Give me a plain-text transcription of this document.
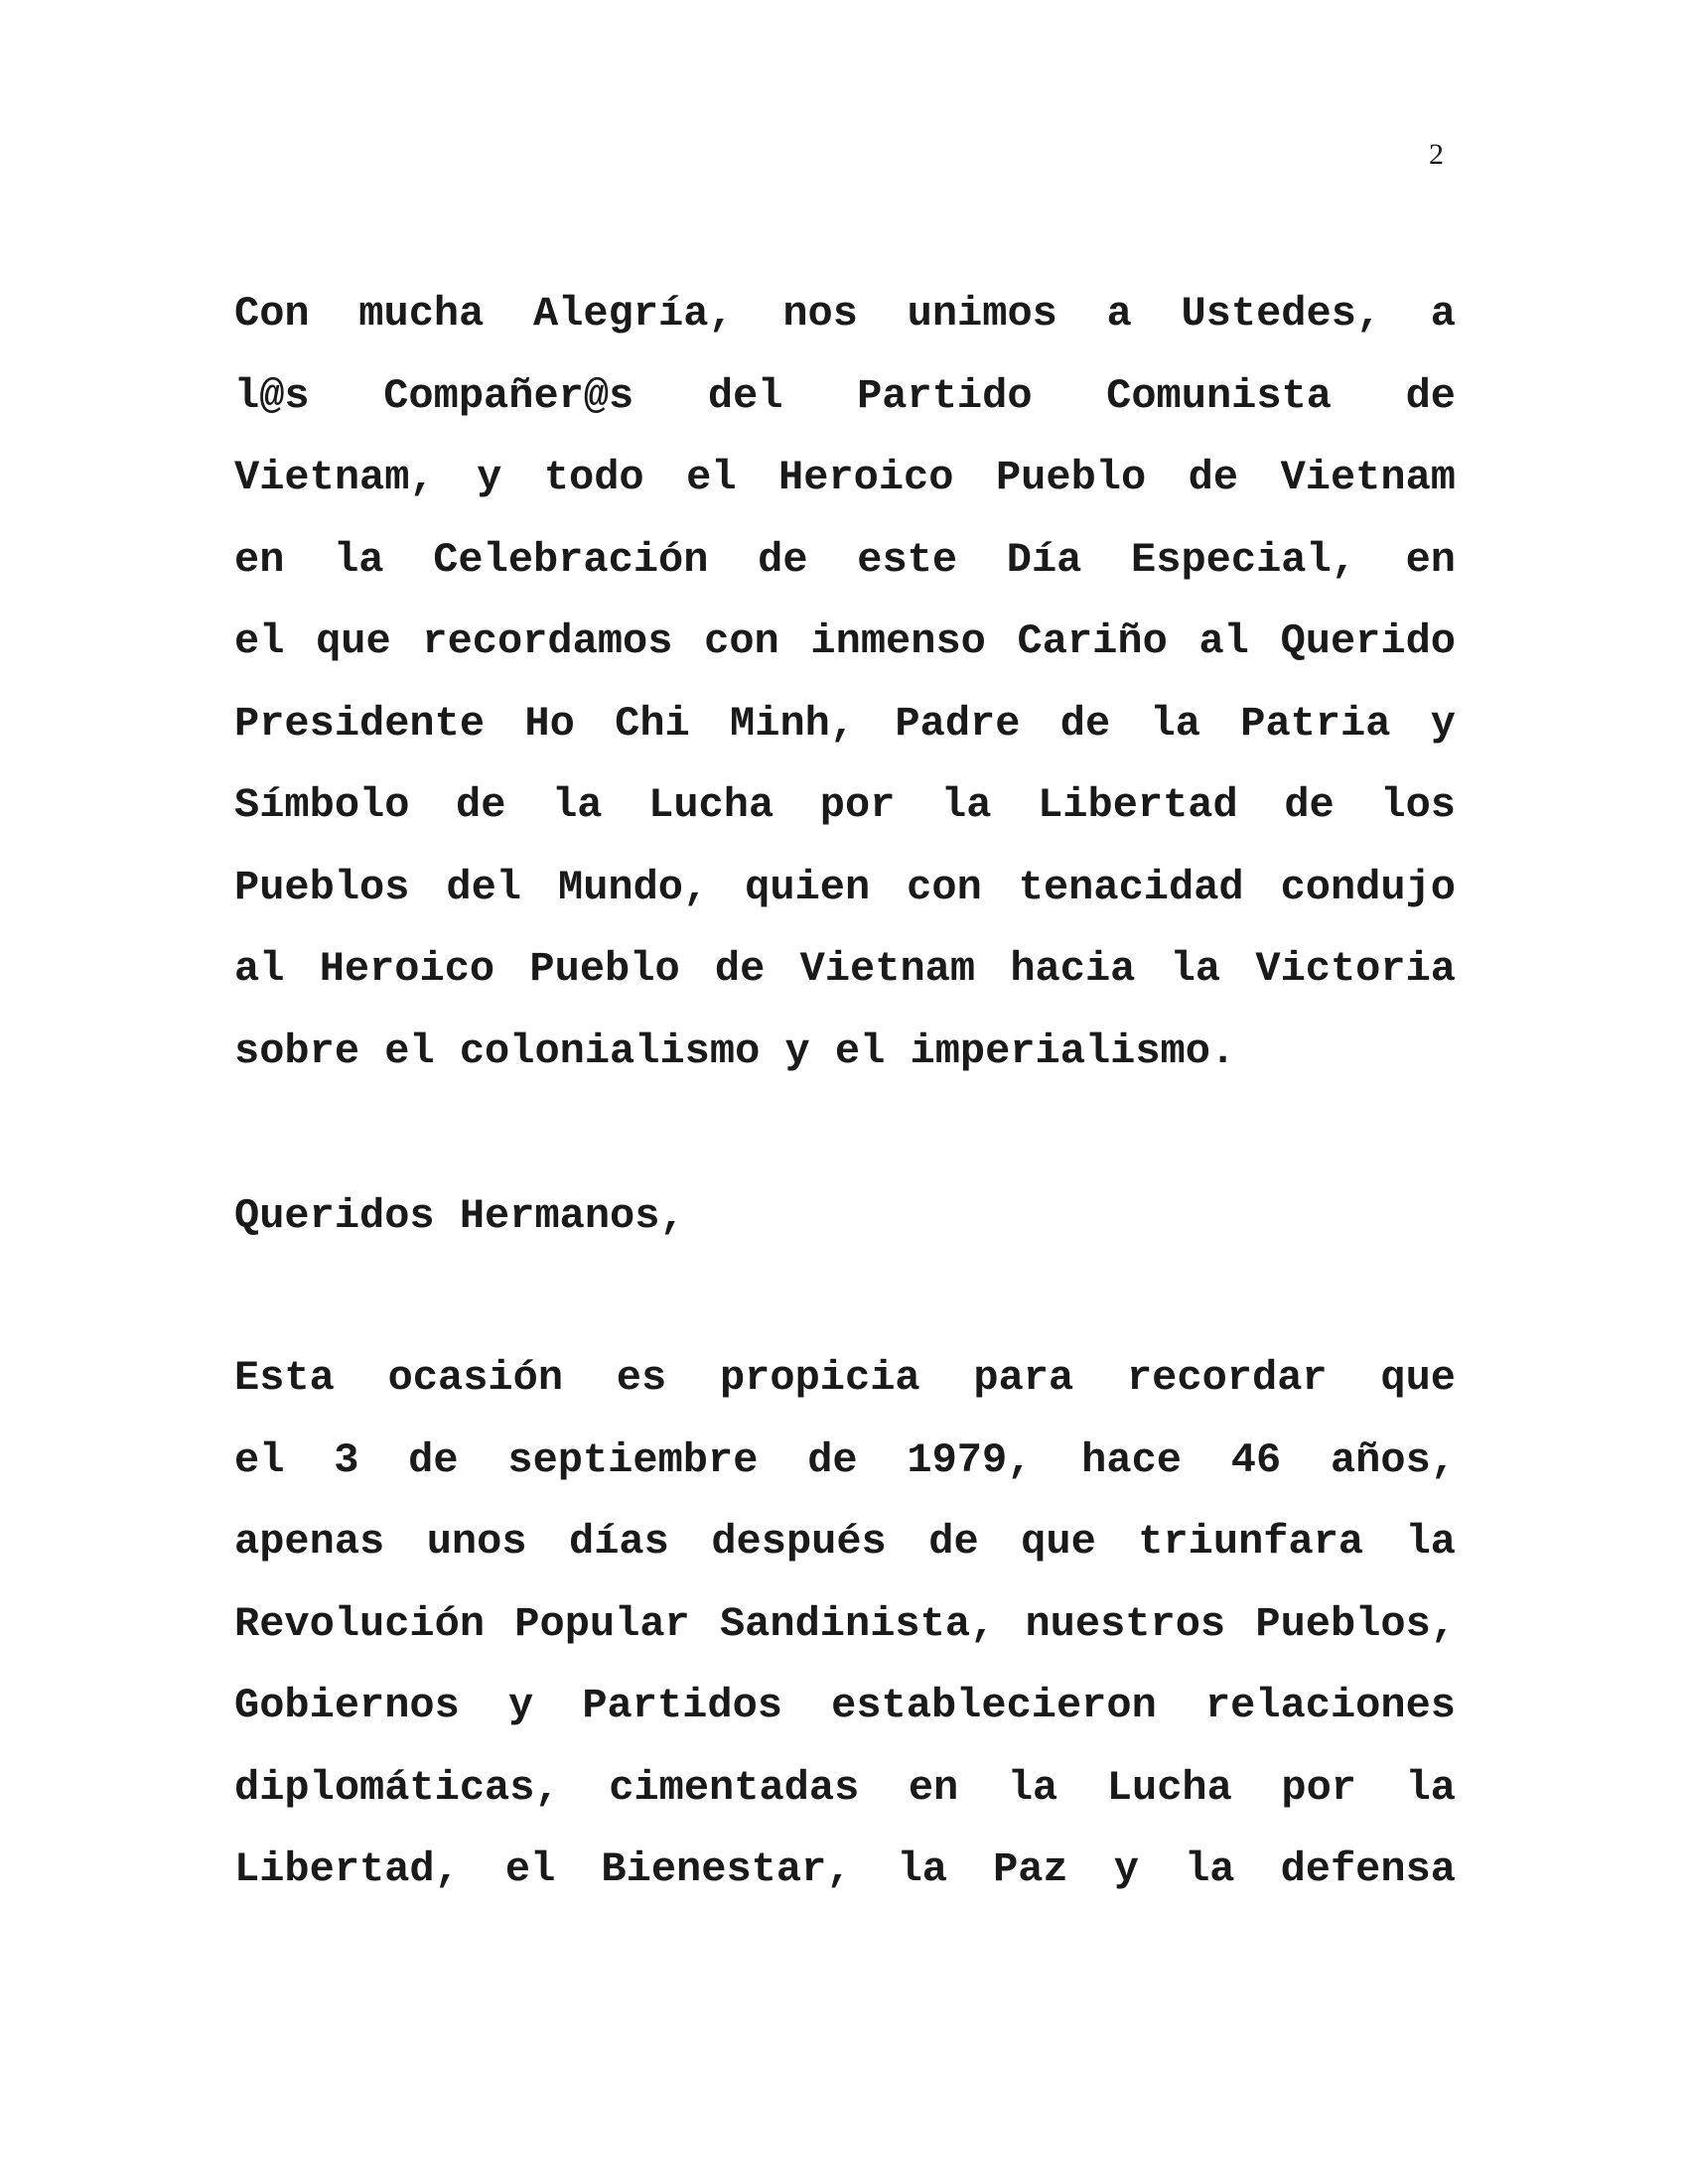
2
Con mucha Alegría, nos unimos a Ustedes, a
l@s Compañer@s del Partido Comunista de
Vietnam, y todo el Heroico Pueblo de Vietnam
en la Celebración de este Día Especial, en
el que recordamos con inmenso Cariño al Querido
Presidente Ho Chi Minh, Padre de la Patria y
Símbolo de la Lucha por la Libertad de los
Pueblos del Mundo, quien con tenacidad condujo
al Heroico Pueblo de Vietnam hacia la Victoria
sobre el colonialismo y el imperialismo.
Queridos Hermanos,
Esta ocasión es propicia para recordar que
el 3 de septiembre de 1979, hace 46 años,
apenas unos días después de que triunfara la
Revolución Popular Sandinista, nuestros Pueblos,
Gobiernos y Partidos establecieron relaciones
diplomáticas, cimentadas en la Lucha por la
Libertad, el Bienestar, la Paz y la defensa
